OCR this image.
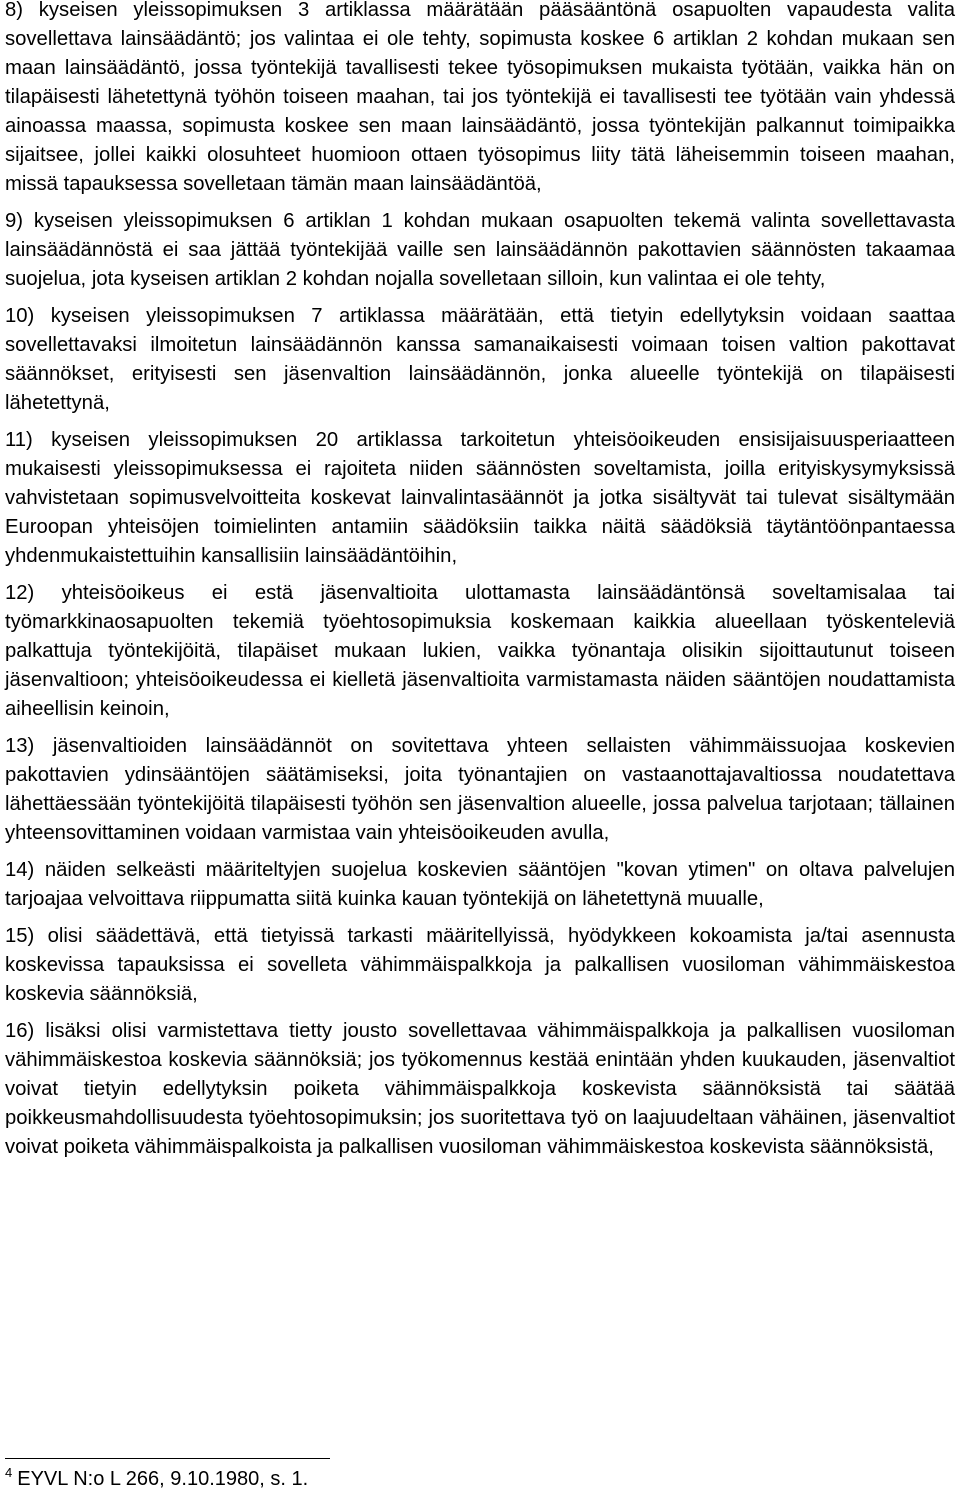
8) kyseisen yleissopimuksen 3 artiklassa määrätään pääsääntönä osapuolten vapaudesta valita sovellettava lainsäädäntö; jos valintaa ei ole tehty, sopimusta koskee 6 artiklan 2 kohdan mukaan sen maan lainsäädäntö, jossa työntekijä tavallisesti tekee työsopimuksen mukaista työtään, vaikka hän on tilapäisesti lähetettynä työhön toiseen maahan, tai jos työntekijä ei tavallisesti tee työtään vain yhdessä ainoassa maassa, sopimusta koskee sen maan lainsäädäntö, jossa työntekijän palkannut toimipaikka sijaitsee, jollei kaikki olosuhteet huomioon ottaen työsopimus liity tätä läheisemmin toiseen maahan, missä tapauksessa sovelletaan tämän maan lainsäädäntöä,

9) kyseisen yleissopimuksen 6 artiklan 1 kohdan mukaan osapuolten tekemä valinta sovellettavasta lainsäädännöstä ei saa jättää työntekijää vaille sen lainsäädännön pakottavien säännösten takaamaa suojelua, jota kyseisen artiklan 2 kohdan nojalla sovelletaan silloin, kun valintaa ei ole tehty,

10) kyseisen yleissopimuksen 7 artiklassa määrätään, että tietyin edellytyksin voidaan saattaa sovellettavaksi ilmoitetun lainsäädännön kanssa samanaikaisesti voimaan toisen valtion pakottavat säännökset, erityisesti sen jäsenvaltion lainsäädännön, jonka alueelle työntekijä on tilapäisesti lähetettynä,

11) kyseisen yleissopimuksen 20 artiklassa tarkoitetun yhteisöoikeuden ensisijaisuusperiaatteen mukaisesti yleissopimuksessa ei rajoiteta niiden säännösten soveltamista, joilla erityiskysymyksissä vahvistetaan sopimusvelvoitteita koskevat lainvalintasäännöt ja jotka sisältyvät tai tulevat sisältymään Euroopan yhteisöjen toimielinten antamiin säädöksiin taikka näitä säädöksiä täytäntöönpantaessa yhdenmukaistettuihin kansallisiin lainsäädäntöihin,

12) yhteisöoikeus ei estä jäsenvaltioita ulottamasta lainsäädäntönsä soveltamisalaa tai työmarkkinaosapuolten tekemiä työehtosopimuksia koskemaan kaikkia alueellaan työskenteleviä palkattuja työntekijöitä, tilapäiset mukaan lukien, vaikka työnantaja olisikin sijoittautunut toiseen jäsenvaltioon; yhteisöoikeudessa ei kielletä jäsenvaltioita varmistamasta näiden sääntöjen noudattamista aiheellisin keinoin,

13) jäsenvaltioiden lainsäädännöt on sovitettava yhteen sellaisten vähimmäissuojaa koskevien pakottavien ydinsääntöjen säätämiseksi, joita työnantajien on vastaanottajavaltiossa noudatettava lähettäessään työntekijöitä tilapäisesti työhön sen jäsenvaltion alueelle, jossa palvelua tarjotaan; tällainen yhteensovittaminen voidaan varmistaa vain yhteisöoikeuden avulla,

14) näiden selkeästi määriteltyjen suojelua koskevien sääntöjen "kovan ytimen" on oltava palvelujen tarjoajaa velvoittava riippumatta siitä kuinka kauan työntekijä on lähetettynä muualle,

15) olisi säädettävä, että tietyissä tarkasti määritellyissä, hyödykkeen kokoamista ja/tai asennusta koskevissa tapauksissa ei sovelleta vähimmäispalkkoja ja palkallisen vuosiloman vähimmäiskestoa koskevia säännöksiä,

16) lisäksi olisi varmistettava tietty jousto sovellettavaa vähimmäispalkkoja ja palkallisen vuosiloman vähimmäiskestoa koskevia säännöksiä; jos työkomennus kestää enintään yhden kuukauden, jäsenvaltiot voivat tietyin edellytyksin poiketa vähimmäispalkkoja koskevista säännöksistä tai säätää poikkeusmahdollisuudesta työehtosopimuksin; jos suoritettava työ on laajuudeltaan vähäinen, jäsenvaltiot voivat poiketa vähimmäispalkoista ja palkallisen vuosiloman vähimmäiskestoa koskevista säännöksistä,

$^4$ EYVL N:o L 266, 9.10.1980, s. 1.
